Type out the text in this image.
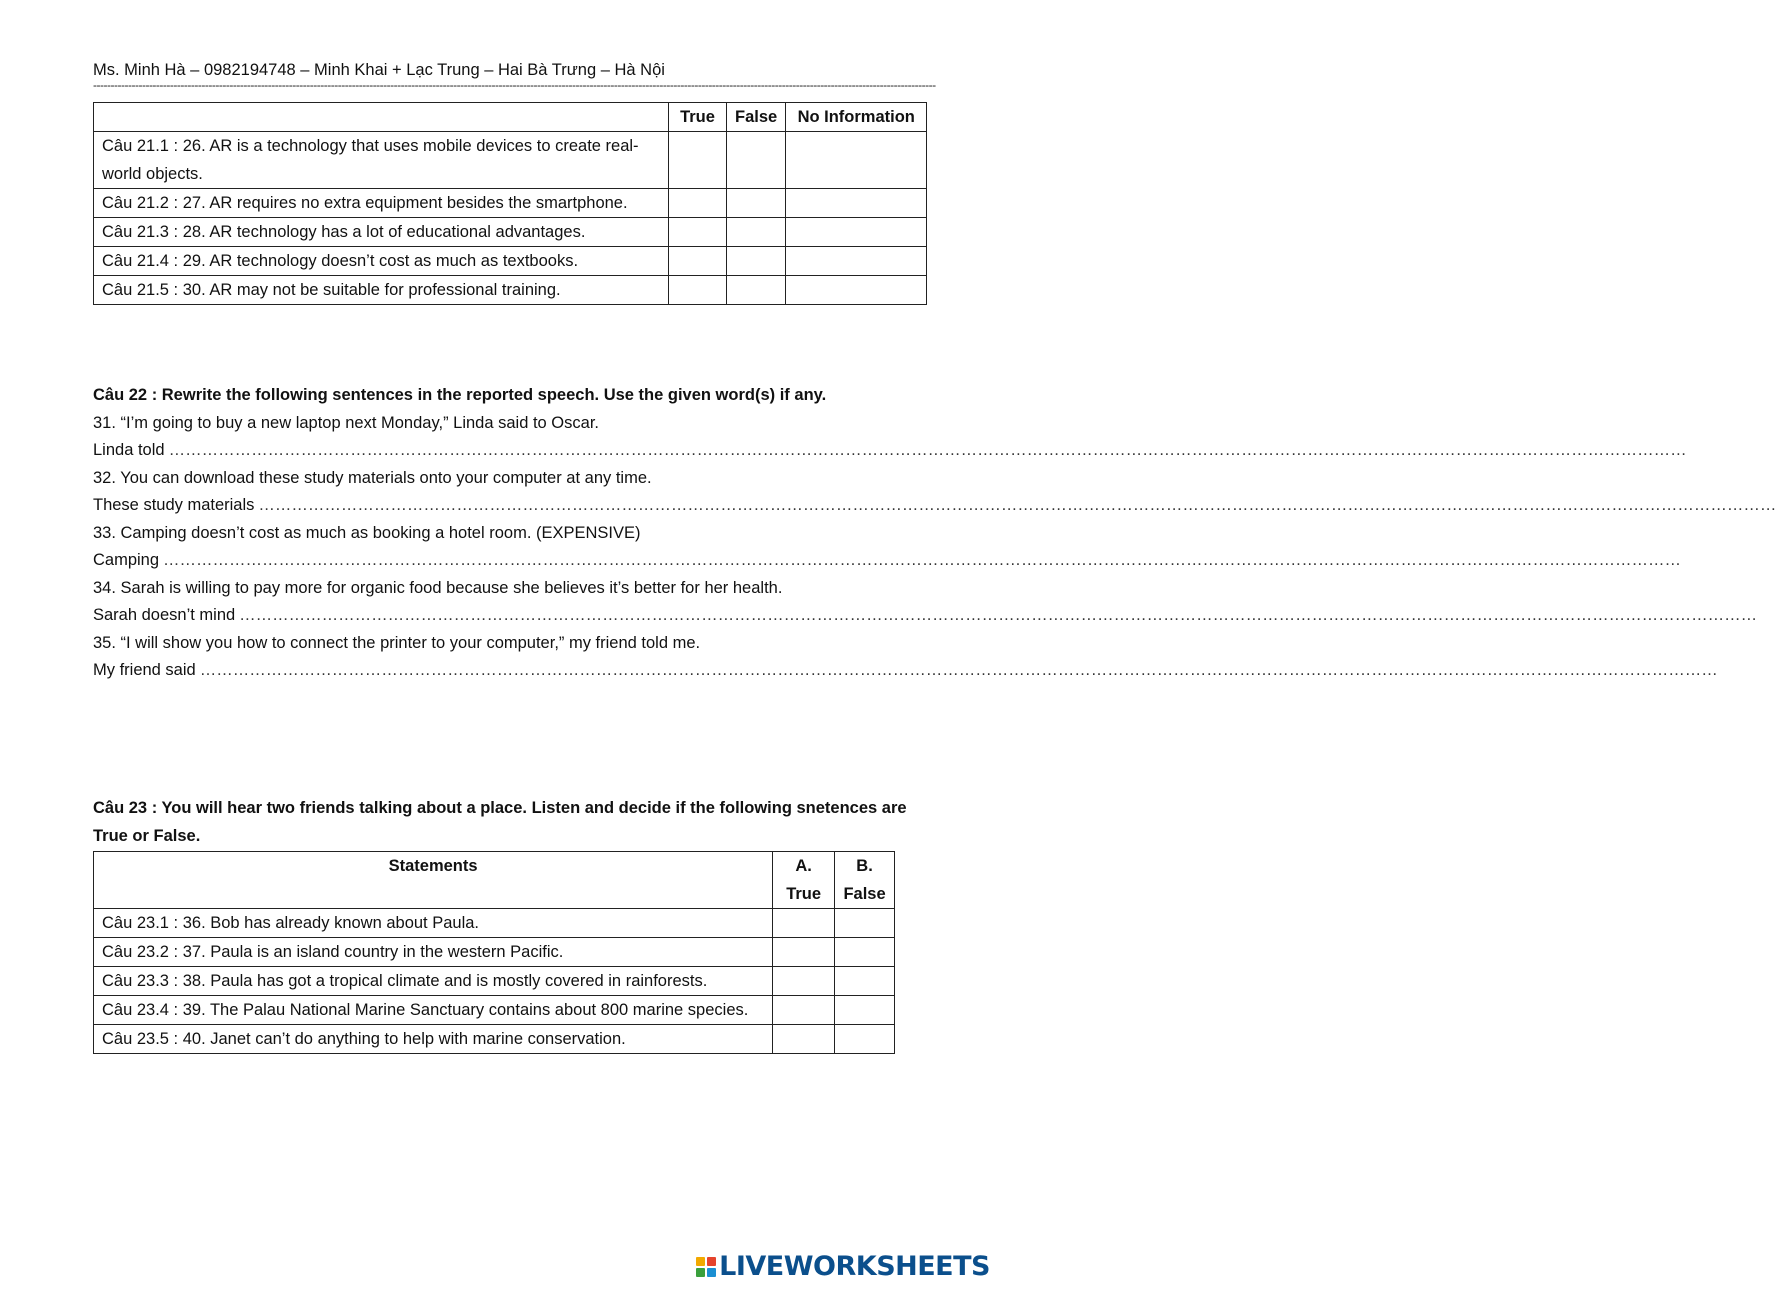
Ms. Minh Hà – 0982194748 – Minh Khai + Lạc Trung – Hai Bà Trưng – Hà Nội
-------------------------------------------------------------------------------------------------------------------------------------------------------------------------------------------------------------------------------------------------
	True	False	No Information
Câu 21.1 : 26. AR is a technology that uses mobile devices to create real-world objects.			
Câu 21.2 : 27. AR requires no extra equipment besides the smartphone.			
Câu 21.3 : 28. AR technology has a lot of educational advantages.			
Câu 21.4 : 29. AR technology doesn’t cost as much as textbooks.			
Câu 21.5 : 30. AR may not be suitable for professional training.			

Câu 22 : Rewrite the following sentences in the reported speech. Use the given word(s) if any.

31. “I’m going to buy a new laptop next Monday,” Linda said to Oscar.

Linda told ……………………………………………………………………………………………………………………………………………………………………………………………………………………………………………………

32. You can download these study materials onto your computer at any time.

These study materials ……………………………………………………………………………………………………………………………………………………………………………………………………………………………………………………

33. Camping doesn’t cost as much as booking a hotel room. (EXPENSIVE)

Camping ……………………………………………………………………………………………………………………………………………………………………………………………………………………………………………………

34. Sarah is willing to pay more for organic food because she believes it’s better for her health.

Sarah doesn’t mind ……………………………………………………………………………………………………………………………………………………………………………………………………………………………………………………

35. “I will show you how to connect the printer to your computer,” my friend told me.

My friend said ……………………………………………………………………………………………………………………………………………………………………………………………………………………………………………………

Câu 23 : You will hear two friends talking about a place. Listen and decide if the following snetences are

True or False.

Statements	A. True	B. False
Câu 23.1 : 36. Bob has already known about Paula.		
Câu 23.2 : 37. Paula is an island country in the western Pacific.		
Câu 23.3 : 38. Paula has got a tropical climate and is mostly covered in rainforests.		
Câu 23.4 : 39. The Palau National Marine Sanctuary contains about 800 marine species.		
Câu 23.5 : 40. Janet can’t do anything to help with marine conservation.		
LIVEWORKSHEETS
